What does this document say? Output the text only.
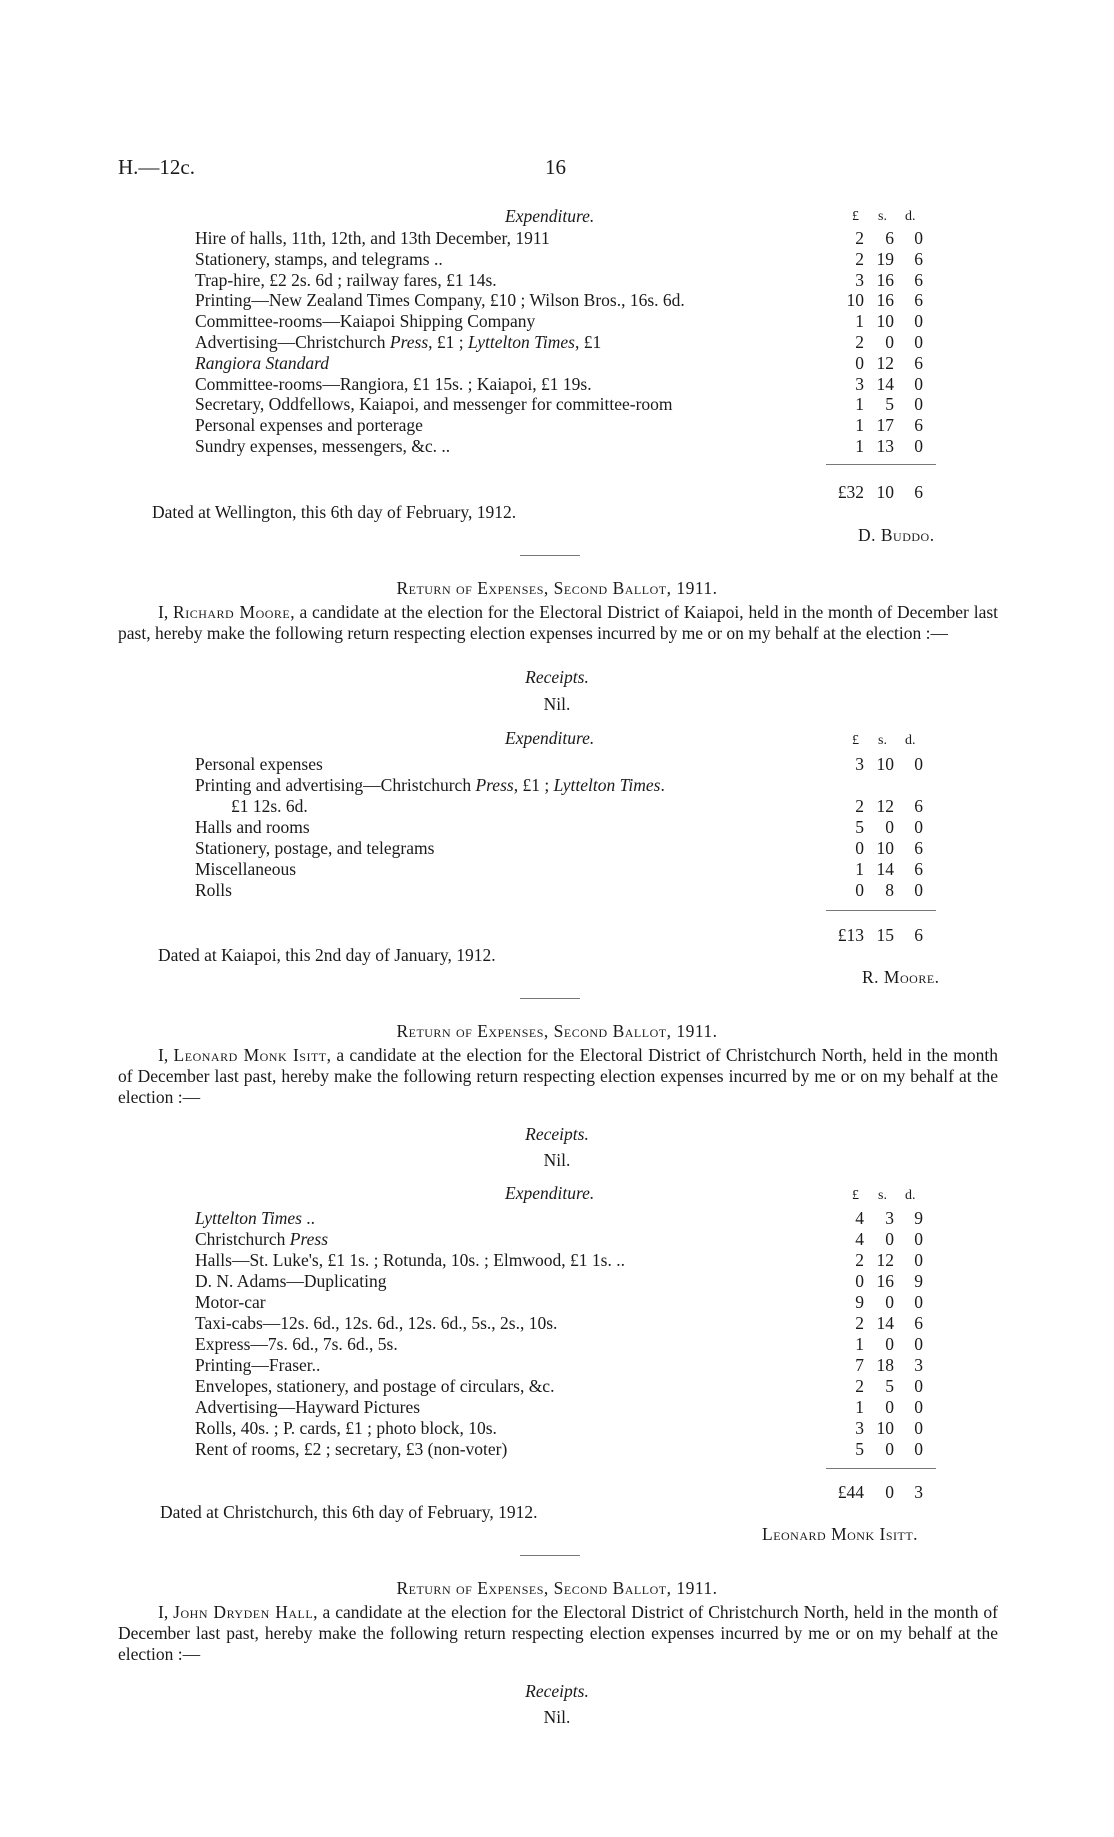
H.—12c.	16
Expenditure.	£ s. d.
Hire of halls, 11th, 12th, and 13th December, 1911	2	6	0
Stationery, stamps, and telegrams ..	2 19	6
Trap-hire, £2 2s. 6d ; railway fares, £1 14s.	3 16	6
Printing—New Zealand Times Company, £10 ; Wilson Bros., 16s. 6d.	10 16	6
Committee-rooms—Kaiapoi Shipping Company	1 10	0
Advertising—Christchurch Press, £1 ; Lyttelton Times, £1	2	0	0
Rangiora Standard	0 12	6
Committee-rooms—Rangiora, £1 15s. ; Kaiapoi, £1 19s.	3 14	0
Secretary, Oddfellows, Kaiapoi, and messenger for committee-room	1	5	0
Personal expenses and porterage	1 17	6
Sundry expenses, messengers, &c. ..	1 13	0
£32 10	6
Dated at Wellington, this 6th day of February, 1912.
D. Buddo.
Return of Expenses, Second Ballot, 1911.
I, Richard Moore, a candidate at the election for the Electoral District of Kaiapoi, held in the month of December last past, hereby make the following return respecting election expenses incurred by me or on my behalf at the election :—
Receipts.
Nil.
Expenditure.	£ s. d.
Personal expenses	3 10	0
Printing and advertising—Christchurch Press, £1 ; Lyttelton Times.
£1 12s. 6d.	2 12	6
Halls and rooms	5	0	0
Stationery, postage, and telegrams	0 10	6
Miscellaneous	1 14	6
Rolls	0	8	0
£13 15	6
Dated at Kaiapoi, this 2nd day of January, 1912.
R. Moore.
Return of Expenses, Second Ballot, 1911.
I, Leonard Monk Isitt, a candidate at the election for the Electoral District of Christchurch North, held in the month of December last past, hereby make the following return respecting election expenses incurred by me or on my behalf at the election :—
Receipts.
Nil.
Expenditure.	£ s. d.
Lyttelton Times ..	4	3	9
Christchurch Press	4	0	0
Halls—St. Luke's, £1 1s. ; Rotunda, 10s. ; Elmwood, £1 1s. ..	2 12	0
D. N. Adams—Duplicating	0 16	9
Motor-car	9	0	0
Taxi-cabs—12s. 6d., 12s. 6d., 12s. 6d., 5s., 2s., 10s.	2 14	6
Express—7s. 6d., 7s. 6d., 5s.	1	0	0
Printing—Fraser..	7 18	3
Envelopes, stationery, and postage of circulars, &c.	2	5	0
Advertising—Hayward Pictures	1	0	0
Rolls, 40s. ; P. cards, £1 ; photo block, 10s.	3 10	0
Rent of rooms, £2 ; secretary, £3 (non-voter)	5	0	0
£44	0	3
Dated at Christchurch, this 6th day of February, 1912.
Leonard Monk Isitt.
Return of Expenses, Second Ballot, 1911.
I, John Dryden Hall, a candidate at the election for the Electoral District of Christchurch North, held in the month of December last past, hereby make the following return respecting election expenses incurred by me or on my behalf at the election :—
Receipts.
Nil.
